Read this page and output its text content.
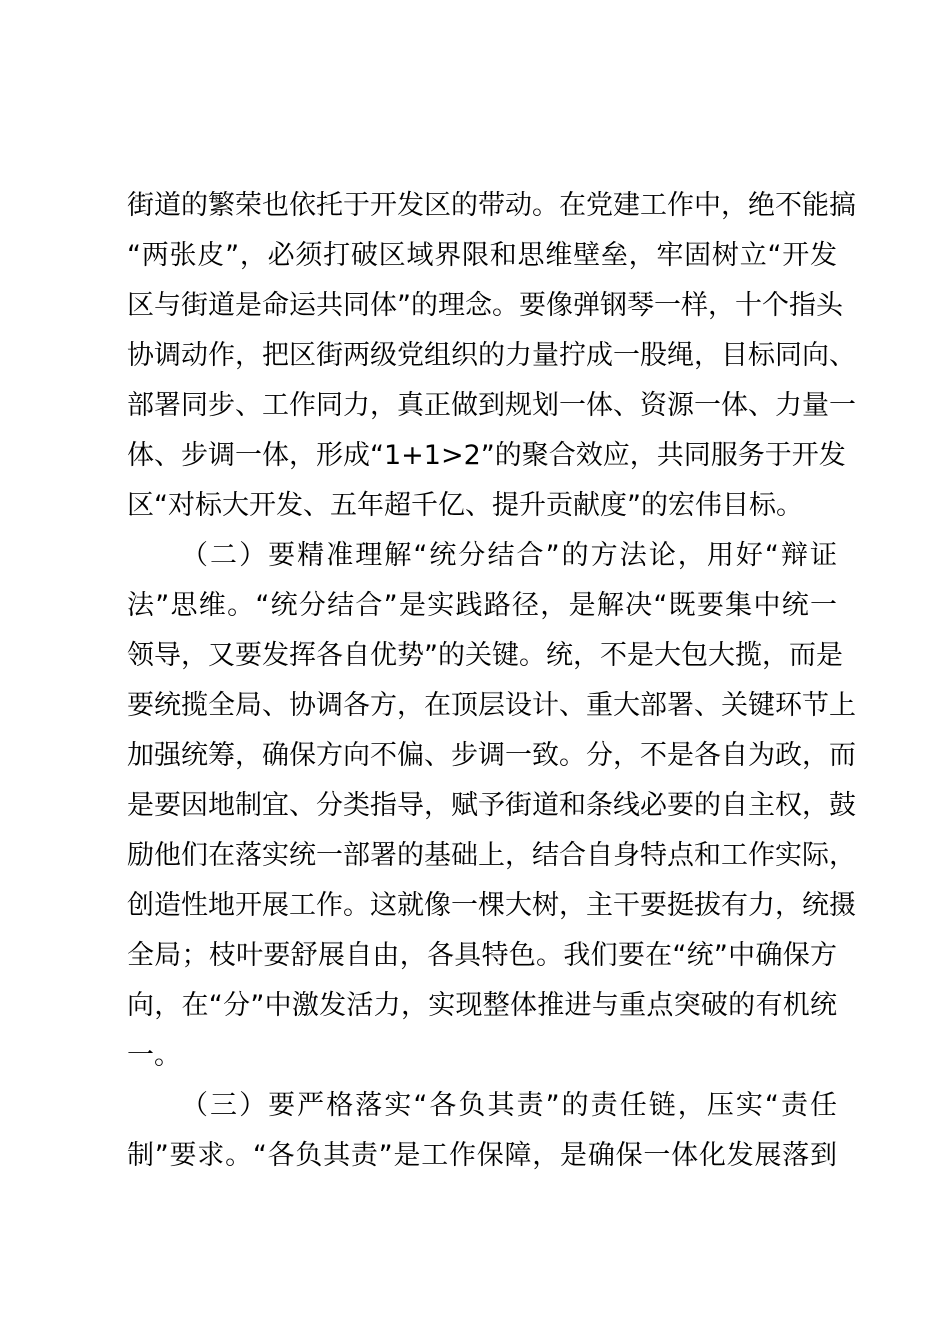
街道的繁荣也依托于开发区的带动。在党建工作中，绝不能搞
“两张皮”，必须打破区域界限和思维壁垒，牢固树立“开发
区与街道是命运共同体”的理念。要像弹钢琴一样，十个指头
协调动作，把区街两级党组织的力量拧成一股绳，目标同向、
部署同步、工作同力，真正做到规划一体、资源一体、力量一
体、步调一体，形成“1+1>2”的聚合效应，共同服务于开发
区“对标大开发、五年超千亿、提升贡献度”的宏伟目标。
（二）要精准理解“统分结合”的方法论，用好“辩证
法”思维。“统分结合”是实践路径，是解决“既要集中统一
领导，又要发挥各自优势”的关键。统，不是大包大揽，而是
要统揽全局、协调各方，在顶层设计、重大部署、关键环节上
加强统筹，确保方向不偏、步调一致。分，不是各自为政，而
是要因地制宜、分类指导，赋予街道和条线必要的自主权，鼓
励他们在落实统一部署的基础上，结合自身特点和工作实际，
创造性地开展工作。这就像一棵大树，主干要挺拔有力，统摄
全局；枝叶要舒展自由，各具特色。我们要在“统”中确保方
向，在“分”中激发活力，实现整体推进与重点突破的有机统
一。
（三）要严格落实“各负其责”的责任链，压实“责任
制”要求。“各负其责”是工作保障，是确保一体化发展落到
